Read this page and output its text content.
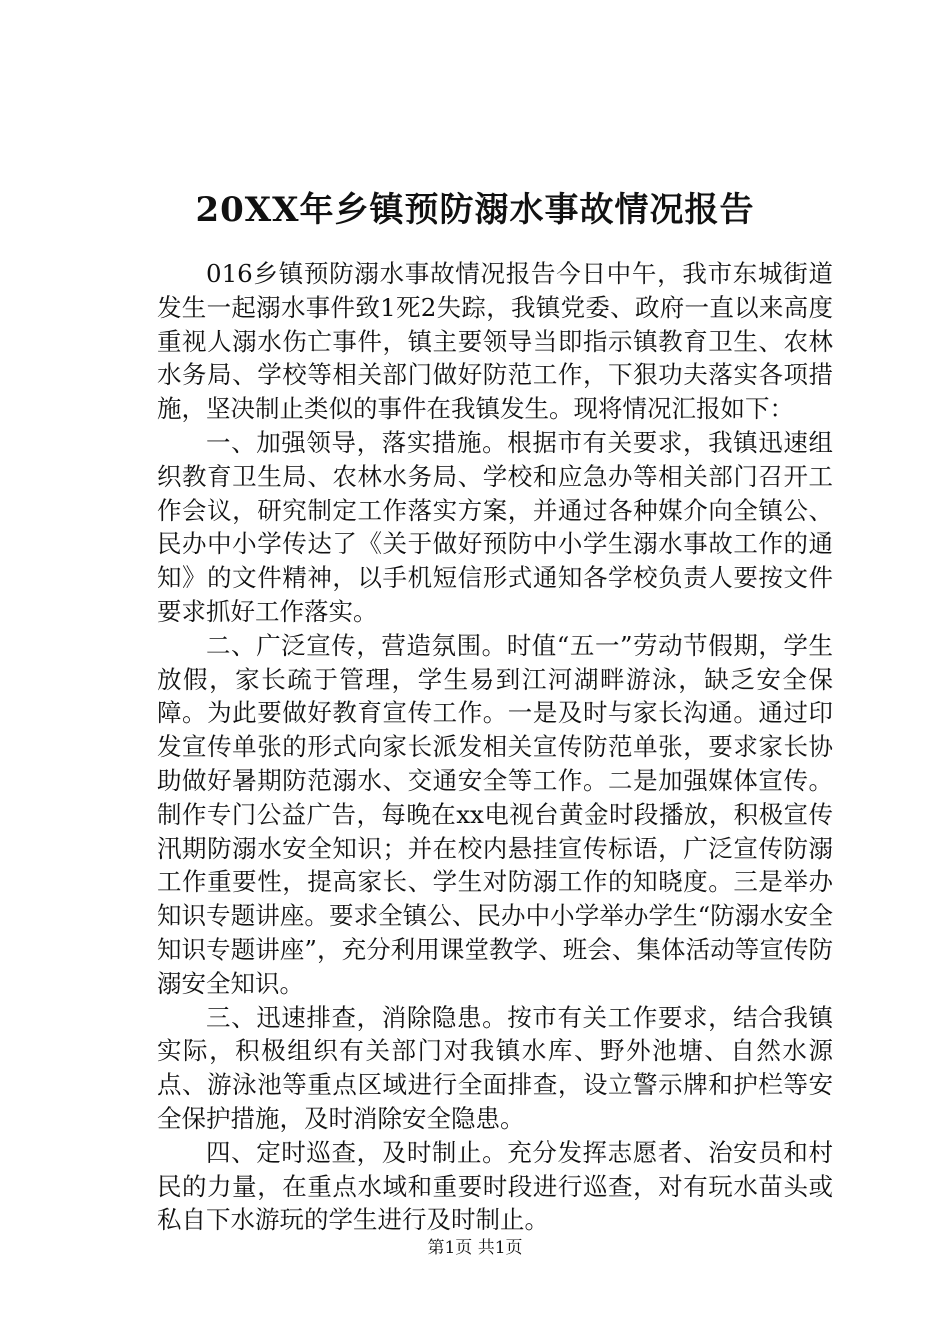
20XX年乡镇预防溺水事故情况报告

016乡镇预防溺水事故情况报告今日中午，我市东城街道发生一起溺水事件致1死2失踪，我镇党委、政府一直以来高度重视人溺水伤亡事件，镇主要领导当即指示镇教育卫生、农林水务局、学校等相关部门做好防范工作，下狠功夫落实各项措施，坚决制止类似的事件在我镇发生。现将情况汇报如下：

一、加强领导，落实措施。根据市有关要求，我镇迅速组织教育卫生局、农林水务局、学校和应急办等相关部门召开工作会议，研究制定工作落实方案，并通过各种媒介向全镇公、民办中小学传达了《关于做好预防中小学生溺水事故工作的通知》的文件精神，以手机短信形式通知各学校负责人要按文件要求抓好工作落实。

二、广泛宣传，营造氛围。时值“五一”劳动节假期，学生放假，家长疏于管理，学生易到江河湖畔游泳，缺乏安全保障。为此要做好教育宣传工作。一是及时与家长沟通。通过印发宣传单张的形式向家长派发相关宣传防范单张，要求家长协助做好暑期防范溺水、交通安全等工作。二是加强媒体宣传。制作专门公益广告，每晚在xx电视台黄金时段播放，积极宣传汛期防溺水安全知识；并在校内悬挂宣传标语，广泛宣传防溺工作重要性，提高家长、学生对防溺工作的知晓度。三是举办知识专题讲座。要求全镇公、民办中小学举办学生“防溺水安全知识专题讲座”，充分利用课堂教学、班会、集体活动等宣传防溺安全知识。

三、迅速排查，消除隐患。按市有关工作要求，结合我镇实际，积极组织有关部门对我镇水库、野外池塘、自然水源点、游泳池等重点区域进行全面排查，设立警示牌和护栏等安全保护措施，及时消除安全隐患。

四、定时巡查，及时制止。充分发挥志愿者、治安员和村民的力量，在重点水域和重要时段进行巡查，对有玩水苗头或私自下水游玩的学生进行及时制止。

第1页 共1页
